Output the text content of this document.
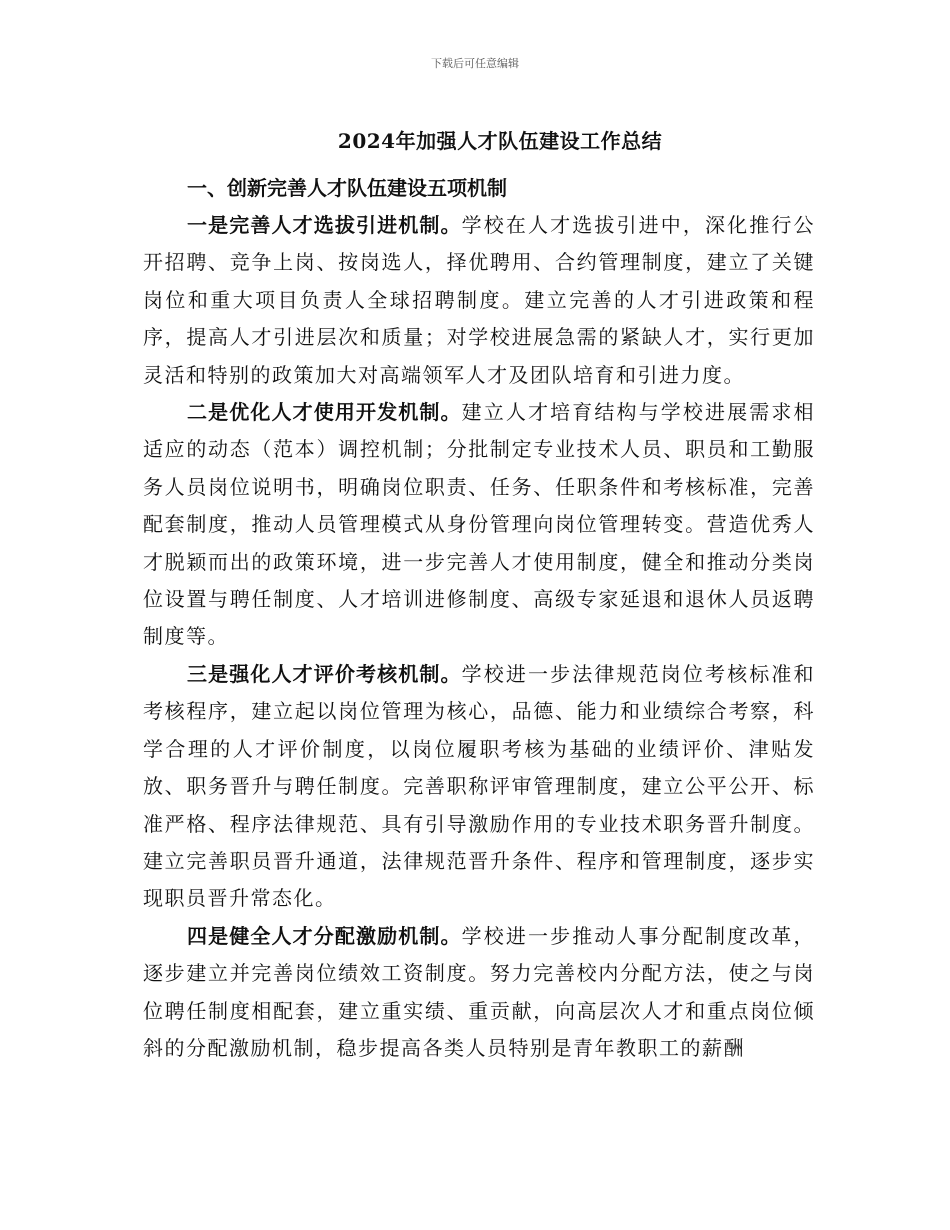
下载后可任意编辑
2024年加强人才队伍建设工作总结

一、创新完善人才队伍建设五项机制

一是完善人才选拔引进机制。学校在人才选拔引进中，深化推行公开招聘、竞争上岗、按岗选人，择优聘用、合约管理制度，建立了关键岗位和重大项目负责人全球招聘制度。建立完善的人才引进政策和程序，提高人才引进层次和质量；对学校进展急需的紧缺人才，实行更加灵活和特别的政策加大对高端领军人才及团队培育和引进力度。

二是优化人才使用开发机制。建立人才培育结构与学校进展需求相适应的动态（范本）调控机制；分批制定专业技术人员、职员和工勤服务人员岗位说明书，明确岗位职责、任务、任职条件和考核标准，完善配套制度，推动人员管理模式从身份管理向岗位管理转变。营造优秀人才脱颖而出的政策环境，进一步完善人才使用制度，健全和推动分类岗位设置与聘任制度、人才培训进修制度、高级专家延退和退休人员返聘制度等。

三是强化人才评价考核机制。学校进一步法律规范岗位考核标准和考核程序，建立起以岗位管理为核心，品德、能力和业绩综合考察，科学合理的人才评价制度，以岗位履职考核为基础的业绩评价、津贴发放、职务晋升与聘任制度。完善职称评审管理制度，建立公平公开、标准严格、程序法律规范、具有引导激励作用的专业技术职务晋升制度。建立完善职员晋升通道，法律规范晋升条件、程序和管理制度，逐步实现职员晋升常态化。

四是健全人才分配激励机制。学校进一步推动人事分配制度改革，逐步建立并完善岗位绩效工资制度。努力完善校内分配方法，使之与岗位聘任制度相配套，建立重实绩、重贡献，向高层次人才和重点岗位倾斜的分配激励机制，稳步提高各类人员特别是青年教职工的薪酬
